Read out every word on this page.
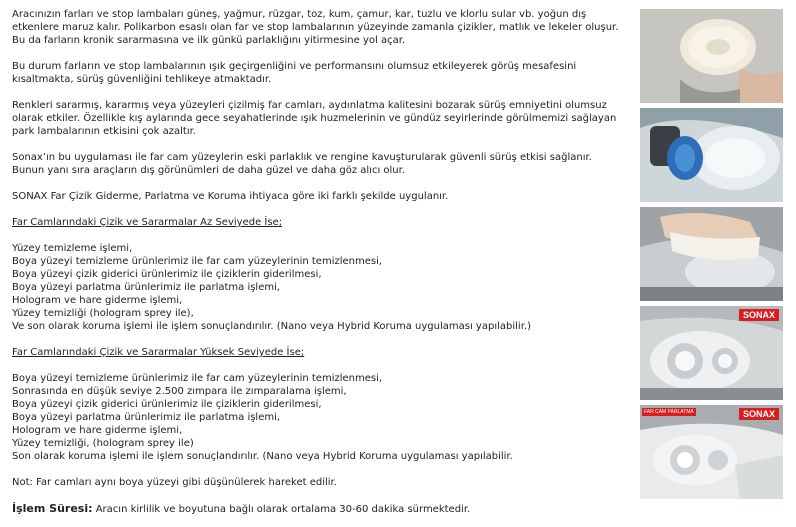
Aracınızın farları ve stop lambaları güneş, yağmur, rüzgar, toz, kum, çamur, kar, tuzlu ve klorlu sular vb. yoğun dış

etkenlere maruz kalır. Polikarbon esaslı olan far ve stop lambalarının yüzeyinde zamanla çizikler, matlık ve lekeler oluşur.

Bu da farların kronik sararmasına ve ilk günkü parlaklığını yitirmesine yol açar.

Bu durum farların ve stop lambalarının ışık geçirgenliğini ve performansını olumsuz etkileyerek görüş mesafesini

kısaltmakta, sürüş güvenliğini tehlikeye atmaktadır.

Renkleri sararmış, kararmış veya yüzeyleri çizilmiş far camları, aydınlatma kalitesini bozarak sürüş emniyetini olumsuz

olarak etkiler. Özellikle kış aylarında gece seyahatlerinde ışık huzmelerinin ve gündüz seyirlerinde görülmemizi sağlayan

park lambalarının etkisini çok azaltır.

Sonax’ın bu uygulaması ile far cam yüzeylerin eski parlaklık ve rengine kavuşturularak güvenli sürüş etkisi sağlanır.

Bunun yanı sıra araçların dış görünümleri de daha güzel ve daha göz alıcı olur.

SONAX Far Çizik Giderme, Parlatma ve Koruma ihtiyaca göre iki farklı şekilde uygulanır.

Far Camlarındaki Çizik ve Sararmalar Az Seviyede İse;

Yüzey temizleme işlemi,

Boya yüzeyi temizleme ürünlerimiz ile far cam yüzeylerinin temizlenmesi,

Boya yüzeyi çizik giderici ürünlerimiz ile çiziklerin giderilmesi,

Boya yüzeyi parlatma ürünlerimiz ile parlatma işlemi,

Hologram ve hare giderme işlemi,

Yüzey temizliği (hologram sprey ile),

Ve son olarak koruma işlemi ile işlem sonuçlandırılır. (Nano veya Hybrid Koruma uygulaması yapılabilir.)

Far Camlarındaki Çizik ve Sararmalar Yüksek Seviyede İse;

Boya yüzeyi temizleme ürünlerimiz ile far cam yüzeylerinin temizlenmesi,

Sonrasında en düşük seviye 2.500 zımpara ile zımparalama işlemi,

Boya yüzeyi çizik giderici ürünlerimiz ile çiziklerin giderilmesi,

Boya yüzeyi parlatma ürünlerimiz ile parlatma işlemi,

Hologram ve hare giderme işlemi,

Yüzey temizliği, (hologram sprey ile)

Son olarak koruma işlemi ile işlem sonuçlandırılır. (Nano veya Hybrid Koruma uygulaması yapılabilir.

Not: Far camları aynı boya yüzeyi gibi düşünülerek hareket edilir.

İşlem Süresi: Aracın kirlilik ve boyutuna bağlı olarak ortalama 30-60 dakika sürmektedir.

SONAX
FAR CAM PARLATMA	SONAX
